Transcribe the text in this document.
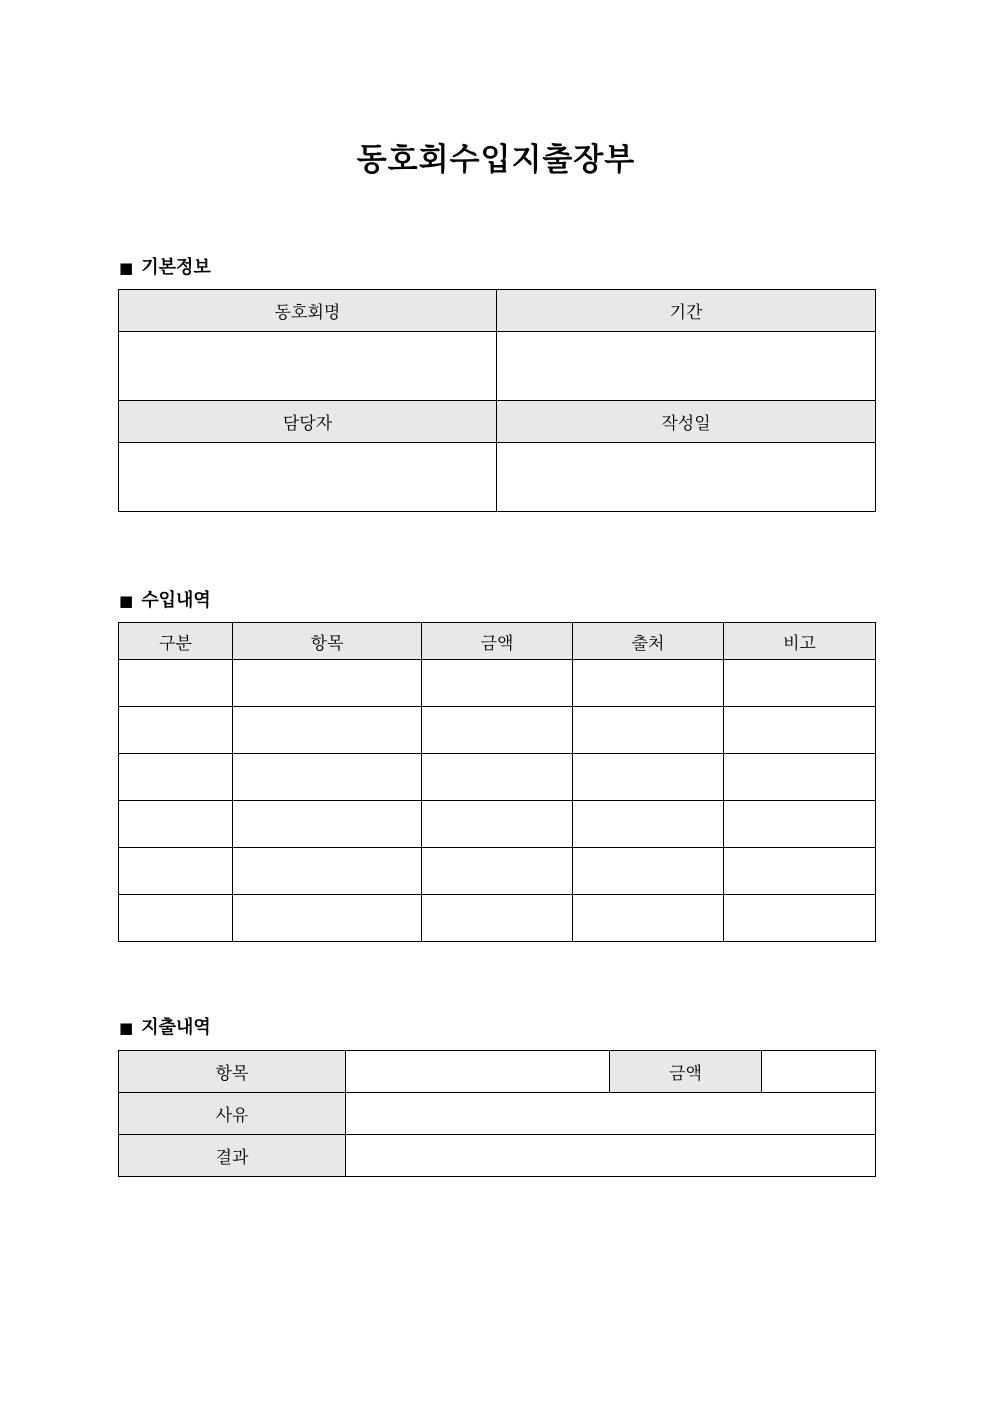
동호회수입지출장부
■ 기본정보
동호회명	기간

담당자	작성일

■ 수입내역
구분	항목	금액	출처	비고

■ 지출내역
항목		금액	
사유			
결과			
